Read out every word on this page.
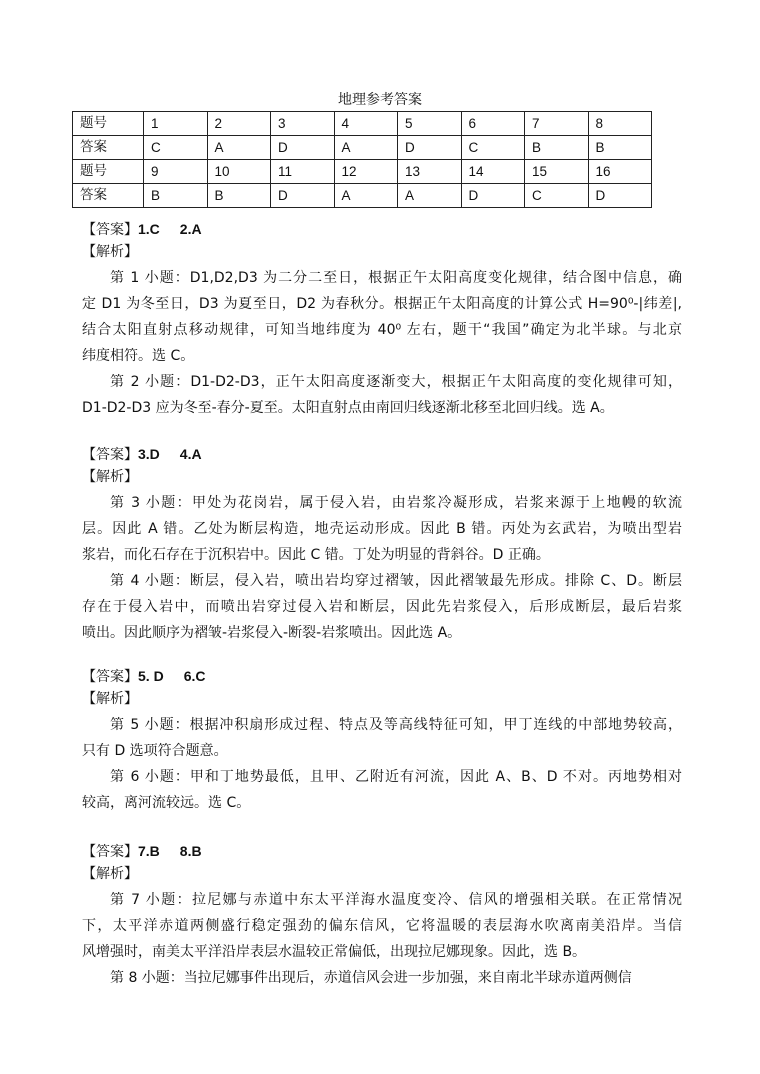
地理参考答案
题号	1	2	3	4	5	6	7	8
答案	C	A	D	A	D	C	B	B
题号	9	10	11	12	13	14	15	16
答案	B	B	D	A	A	D	C	D
【答案】1.C 2.A
【解析】
第 1 小题：D1,D2,D3 为二分二至日，根据正午太阳高度变化规律，结合图中信息，确
定 D1 为冬至日，D3 为夏至日，D2 为春秋分。根据正午太阳高度的计算公式 H=90⁰-|纬差|,
结合太阳直射点移动规律，可知当地纬度为 40⁰ 左右，题干“我国”确定为北半球。与北京
纬度相符。选 C。
第 2 小题：D1-D2-D3，正午太阳高度逐渐变大，根据正午太阳高度的变化规律可知，
D1-D2-D3 应为冬至-春分-夏至。太阳直射点由南回归线逐渐北移至北回归线。选 A。
【答案】3.D 4.A
【解析】
第 3 小题：甲处为花岗岩，属于侵入岩，由岩浆冷凝形成，岩浆来源于上地幔的软流
层。因此 A 错。乙处为断层构造，地壳运动形成。因此 B 错。丙处为玄武岩，为喷出型岩
浆岩，而化石存在于沉积岩中。因此 C 错。丁处为明显的背斜谷。D 正确。
第 4 小题：断层，侵入岩，喷出岩均穿过褶皱，因此褶皱最先形成。排除 C、D。断层
存在于侵入岩中，而喷出岩穿过侵入岩和断层，因此先岩浆侵入，后形成断层，最后岩浆
喷出。因此顺序为褶皱-岩浆侵入-断裂-岩浆喷出。因此选 A。
【答案】5. D 6.C
【解析】
第 5 小题：根据冲积扇形成过程、特点及等高线特征可知，甲丁连线的中部地势较高，
只有 D 选项符合题意。
第 6 小题：甲和丁地势最低，且甲、乙附近有河流，因此 A、B、D 不对。丙地势相对
较高，离河流较远。选 C。
【答案】7.B 8.B
【解析】
第 7 小题：拉尼娜与赤道中东太平洋海水温度变冷、信风的增强相关联。在正常情况
下，太平洋赤道两侧盛行稳定强劲的偏东信风，它将温暖的表层海水吹离南美沿岸。当信
风增强时，南美太平洋沿岸表层水温较正常偏低，出现拉尼娜现象。因此，选 B。
第 8 小题：当拉尼娜事件出现后，赤道信风会进一步加强，来自南北半球赤道两侧信
